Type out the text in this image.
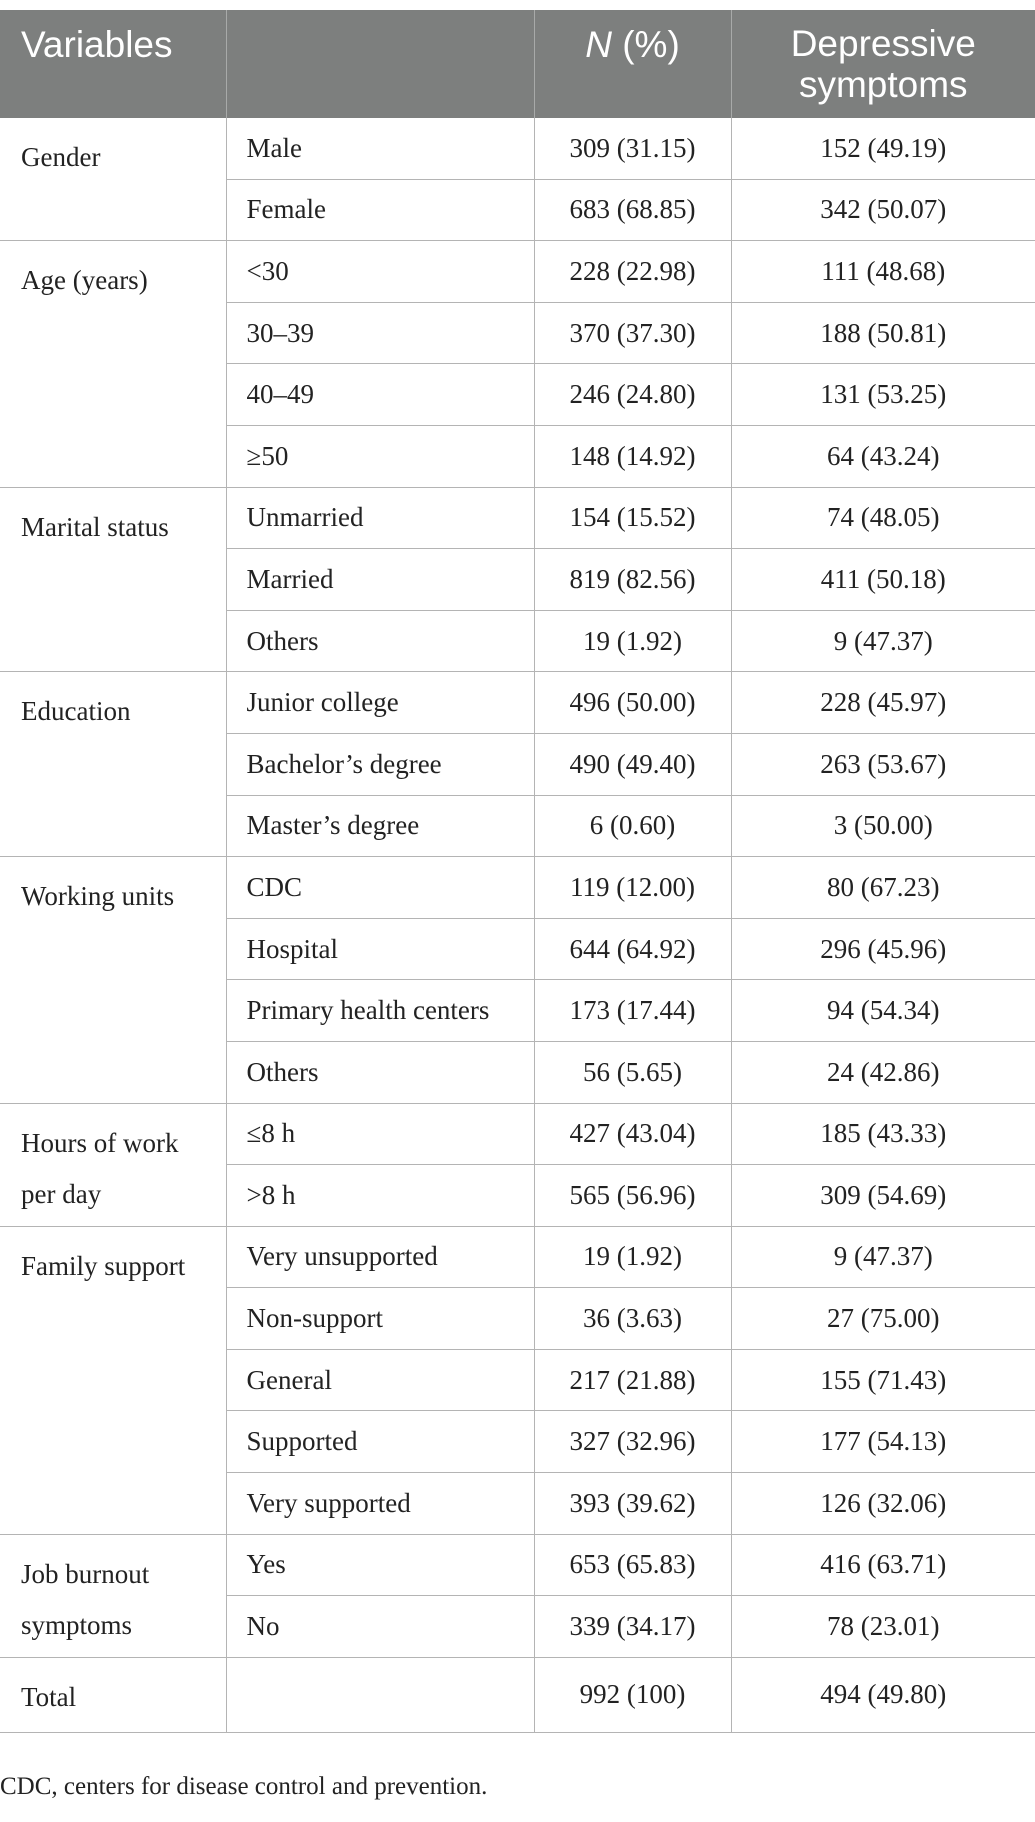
Variables		N (%)	Depressive symptoms
Gender	Male	309 (31.15)	152 (49.19)
	Female	683 (68.85)	342 (50.07)
Age (years)	<30	228 (22.98)	111 (48.68)
	30–39	370 (37.30)	188 (50.81)
	40–49	246 (24.80)	131 (53.25)
	≥50	148 (14.92)	64 (43.24)
Marital status	Unmarried	154 (15.52)	74 (48.05)
	Married	819 (82.56)	411 (50.18)
	Others	19 (1.92)	9 (47.37)
Education	Junior college	496 (50.00)	228 (45.97)
	Bachelor’s degree	490 (49.40)	263 (53.67)
	Master’s degree	6 (0.60)	3 (50.00)
Working units	CDC	119 (12.00)	80 (67.23)
	Hospital	644 (64.92)	296 (45.96)
	Primary health centers	173 (17.44)	94 (54.34)
	Others	56 (5.65)	24 (42.86)
Hours of work per day	≤8 h	427 (43.04)	185 (43.33)
	>8 h	565 (56.96)	309 (54.69)
Family support	Very unsupported	19 (1.92)	9 (47.37)
	Non-support	36 (3.63)	27 (75.00)
	General	217 (21.88)	155 (71.43)
	Supported	327 (32.96)	177 (54.13)
	Very supported	393 (39.62)	126 (32.06)
Job burnout symptoms	Yes	653 (65.83)	416 (63.71)
	No	339 (34.17)	78 (23.01)
Total		992 (100)	494 (49.80)
CDC, centers for disease control and prevention.
